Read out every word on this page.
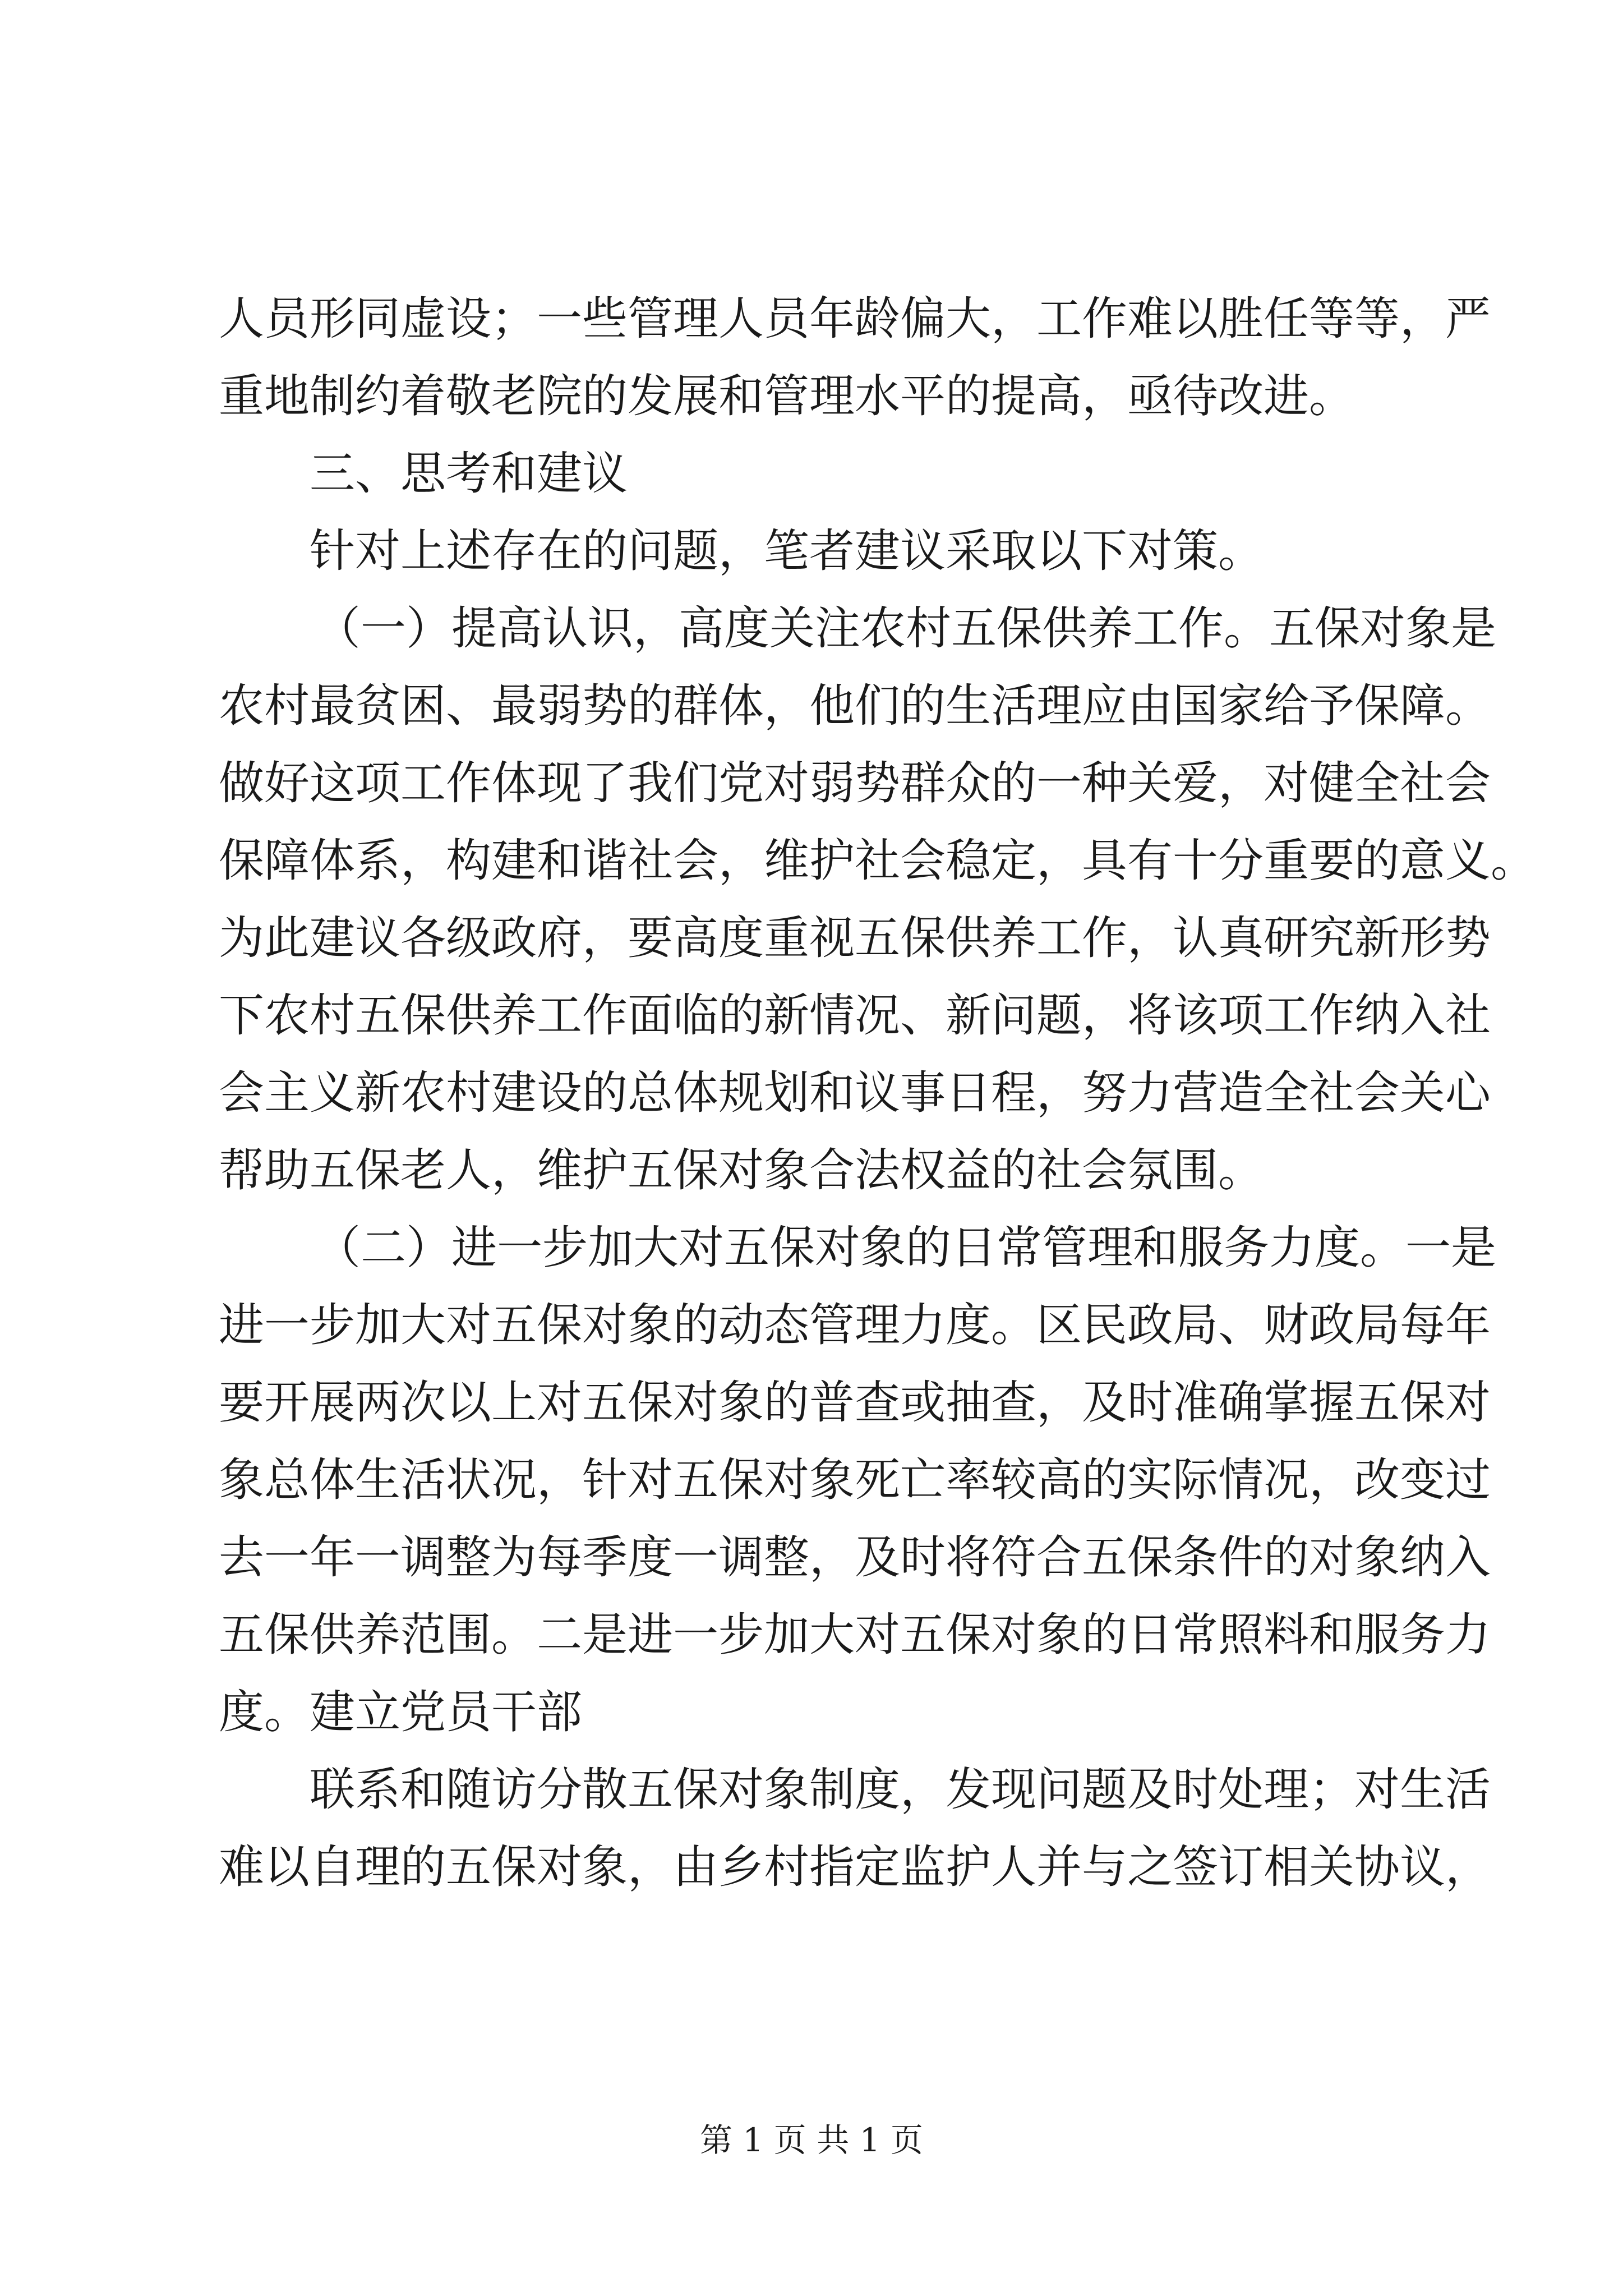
人员形同虚设；一些管理人员年龄偏大，工作难以胜任等等，严
重地制约着敬老院的发展和管理水平的提高，亟待改进。
三、思考和建议
针对上述存在的问题，笔者建议采取以下对策。
（一）提高认识，高度关注农村五保供养工作。五保对象是
农村最贫困、最弱势的群体，他们的生活理应由国家给予保障。
做好这项工作体现了我们党对弱势群众的一种关爱，对健全社会
保障体系，构建和谐社会，维护社会稳定，具有十分重要的意义。
为此建议各级政府，要高度重视五保供养工作，认真研究新形势
下农村五保供养工作面临的新情况、新问题，将该项工作纳入社
会主义新农村建设的总体规划和议事日程，努力营造全社会关心
帮助五保老人，维护五保对象合法权益的社会氛围。
（二）进一步加大对五保对象的日常管理和服务力度。一是
进一步加大对五保对象的动态管理力度。区民政局、财政局每年
要开展两次以上对五保对象的普查或抽查，及时准确掌握五保对
象总体生活状况，针对五保对象死亡率较高的实际情况，改变过
去一年一调整为每季度一调整，及时将符合五保条件的对象纳入
五保供养范围。二是进一步加大对五保对象的日常照料和服务力
度。建立党员干部
联系和随访分散五保对象制度，发现问题及时处理；对生活
难以自理的五保对象，由乡村指定监护人并与之签订相关协议，
第 1 页 共 1 页
